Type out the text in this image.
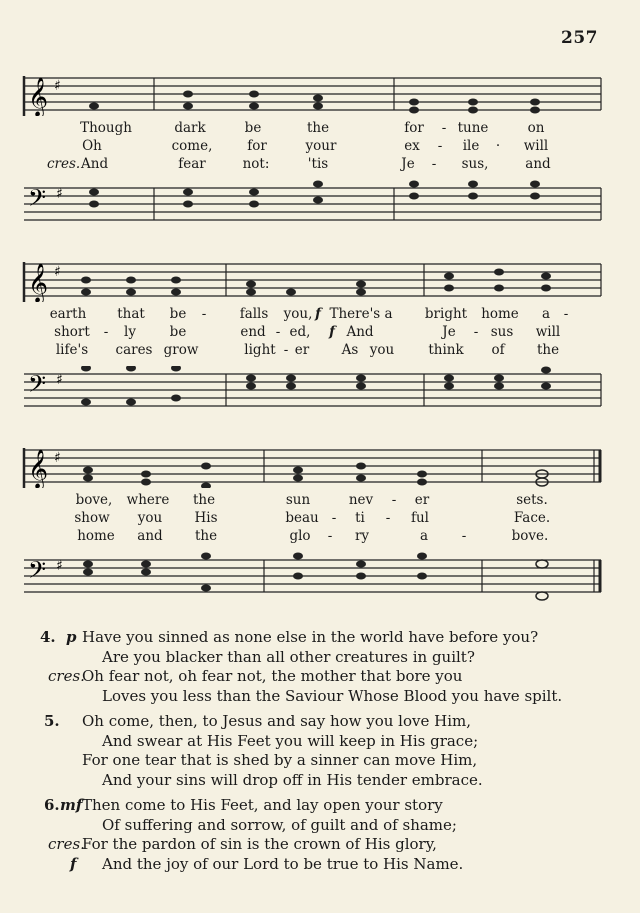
257
𝄞 ♯
Though	dark	be	the	for - tune	on
Oh	come,	for	your	ex - ile · will
cres. And	fear	not:	'tis	Je - sus,	and
𝄢 ♯
𝄞 ♯
earth that be - falls you, f There's a bright home a -
short - ly be	end - ed, f And	Je - sus will
life's cares grow	light - er As you	think of the
𝄢 ♯
𝄞 ♯
bove, where the	sun	nev - er	sets.
show you His	beau - ti - ful	Face.
home and the	glo - ry	a -	bove.
𝄢 ♯
4. p Have you sinned as none else in the world have before you?
Are you blacker than all other creatures in guilt?
cres.
Oh fear not, oh fear not, the mother that bore you
Loves you less than the Saviour Whose Blood you have spilt.
5. Oh come, then, to Jesus and say how you love Him,
And swear at His Feet you will keep in His grace;
For one tear that is shed by a sinner can move Him,
And your sins will drop off in His tender embrace.
6. mf Then come to His Feet, and lay open your story
Of suffering and sorrow, of guilt and of shame;
cres.
For the pardon of sin is the crown of His glory,
f And the joy of our Lord to be true to His Name.
